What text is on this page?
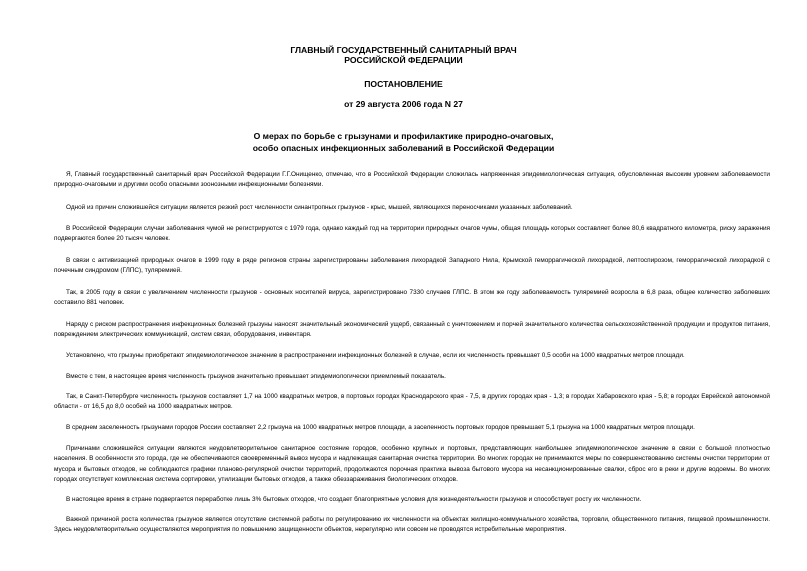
ГЛАВНЫЙ ГОСУДАРСТВЕННЫЙ САНИТАРНЫЙ ВРАЧ
РОССИЙСКОЙ ФЕДЕРАЦИИ
ПОСТАНОВЛЕНИЕ
от 29 августа 2006 года N 27
О мерах по борьбе с грызунами и профилактике природно-очаговых,
особо опасных инфекционных заболеваний в Российской Федерации

Я, Главный государственный санитарный врач Российской Федерации Г.Г.Онищенко, отмечаю, что в Российской Федерации сложилась напряженная эпидемиологическая ситуация, обусловленная высоким уровнем заболеваемости природно-очаговыми и другими особо опасными зоонозными инфекционными болезнями.

Одной из причин сложившейся ситуации является резкий рост численности синантропных грызунов - крыс, мышей, являющихся переносчиками указанных заболеваний.

В Российской Федерации случаи заболевания чумой не регистрируются с 1979 года, однако каждый год на территории природных очагов чумы, общая площадь которых составляет более 80,6 квадратного километра, риску заражения подвергаются более 20 тысяч человек.

В связи с активизацией природных очагов в 1999 году в ряде регионов страны зарегистрированы заболевания лихорадкой Западного Нила, Крымской геморрагической лихорадкой, лептоспирозом, геморрагической лихорадкой с почечным синдромом (ГЛПС), туляремией.

Так, в 2005 году в связи с увеличением численности грызунов - основных носителей вируса, зарегистрировано 7330 случаев ГЛПС. В этом же году заболеваемость туляремией возросла в 6,8 раза, общее количество заболевших составило 881 человек.

Наряду с риском распространения инфекционных болезней грызуны наносят значительный экономический ущерб, связанный с уничтожением и порчей значительного количества сельскохозяйственной продукции и продуктов питания, повреждением электрических коммуникаций, систем связи, оборудования, инвентаря.

Установлено, что грызуны приобретают эпидемиологическое значение в распространении инфекционных болезней в случае, если их численность превышает 0,5 особи на 1000 квадратных метров площади.

Вместе с тем, в настоящее время численность грызунов значительно превышает эпидемиологически приемлемый показатель.

Так, в Санкт-Петербурге численность грызунов составляет 1,7 на 1000 квадратных метров, в портовых городах Краснодарского края - 7,5, в других городах края - 1,3; в городах Хабаровского края - 5,8; в городах Еврейской автономной области - от 16,5 до 8,0 особей на 1000 квадратных метров.

В среднем заселенность грызунами городов России составляет 2,2 грызуна на 1000 квадратных метров площади, а заселенность портовых городов превышает 5,1 грызуна на 1000 квадратных метров площади.

Причинами сложившейся ситуации являются неудовлетворительное санитарное состояние городов, особенно крупных и портовых, представляющих наибольшее эпидемиологическое значение в связи с большой плотностью населения. В особенности это города, где не обеспечиваются своевременный вывоз мусора и надлежащая санитарная очистка территории. Во многих городах не принимаются меры по совершенствованию системы очистки территории от мусора и бытовых отходов, не соблюдаются графики планово-регулярной очистки территорий, продолжаются порочная практика вывоза бытового мусора на несанкционированные свалки, сброс его в реки и другие водоемы. Во многих городах отсутствует комплексная система сортировки, утилизации бытовых отходов, а также обеззараживания биологических отходов.

В настоящее время в стране подвергается переработке лишь 3% бытовых отходов, что создает благоприятные условия для жизнедеятельности грызунов и способствует росту их численности.

Важной причиной роста количества грызунов является отсутствие системной работы по регулированию их численности на объектах жилищно-коммунального хозяйства, торговли, общественного питания, пищевой промышленности. Здесь неудовлетворительно осуществляются мероприятия по повышению защищенности объектов, нерегулярно или совсем не проводятся истребительные мероприятия.
